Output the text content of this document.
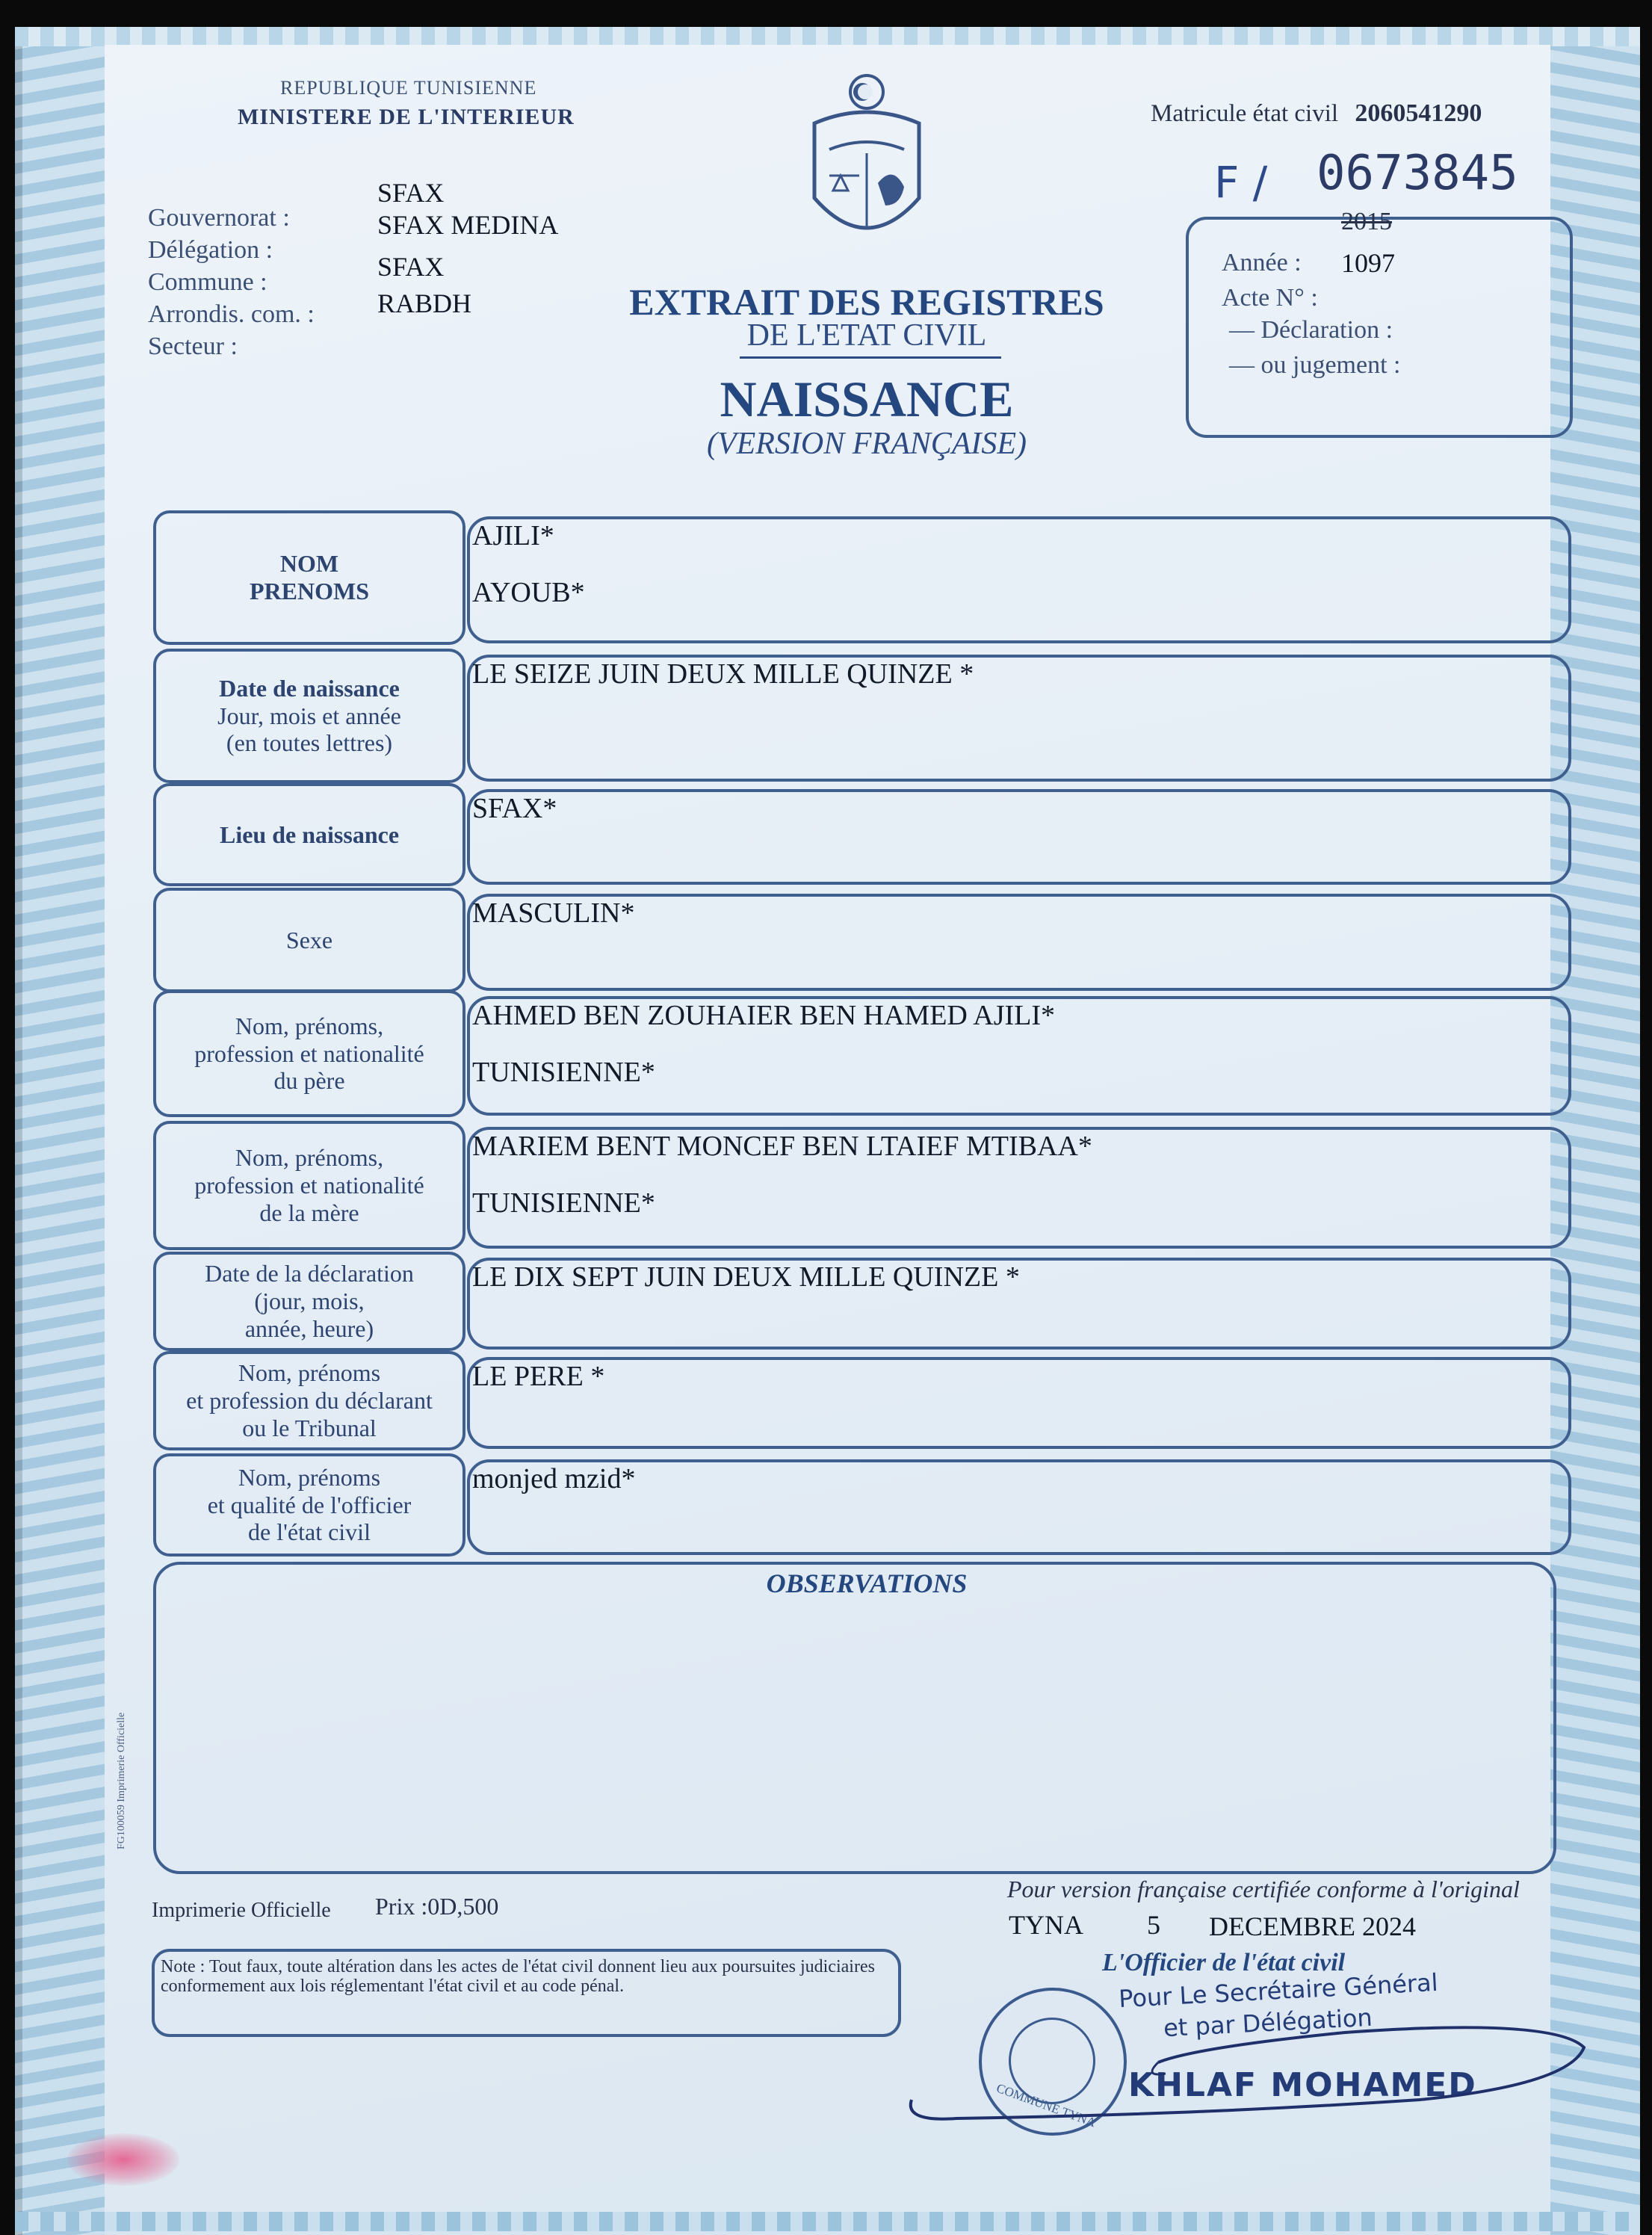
REPUBLIQUE TUNISIENNE
MINISTERE DE L'INTERIEUR	Matricule état civil 2060541290
F / 0673845
Gouvernorat :
Délégation :
Commune :
Arrondis. com. :
Secteur :
SFAX
SFAX MEDINA
SFAX
RABDH	EXTRAIT DES REGISTRES
DE L'ETAT CIVIL
NAISSANCE
(VERSION FRANÇAISE)
2015
Année : 1097
Acte N° :
— Déclaration :
— ou jugement :
NOM
PRENOMS
AJILI*
AYOUB*
Date de naissance
Jour, mois et année
(en toutes lettres)
LE SEIZE JUIN DEUX MILLE QUINZE *
Lieu de naissance
SFAX*
Sexe
MASCULIN*
Nom, prénoms,
profession et nationalité
du père
AHMED BEN ZOUHAIER BEN HAMED AJILI*
TUNISIENNE*
Nom, prénoms,
profession et nationalité
de la mère
MARIEM BENT MONCEF BEN LTAIEF MTIBAA*
TUNISIENNE*
Date de la déclaration
(jour, mois,
année, heure)
LE DIX SEPT JUIN DEUX MILLE QUINZE *
Nom, prénoms
et profession du déclarant
ou le Tribunal
LE PERE *
Nom, prénoms
et qualité de l'officier
de l'état civil
monjed mzid*
OBSERVATIONS
FG100059 Imprimerie Officielle
Imprimerie Officielle Prix :0D,500
Note : Tout faux, toute altération dans les actes de l'état civil donnent lieu aux poursuites judiciaires conformement aux lois réglementant l'état civil et au code pénal.
Pour version française certifiée conforme à l'original
TYNA 5 DECEMBRE 2024
L'Officier de l'état civil
Pour Le Secrétaire Général
et par Délégation
KHLAF MOHAMED
COMMUNE TYNA
